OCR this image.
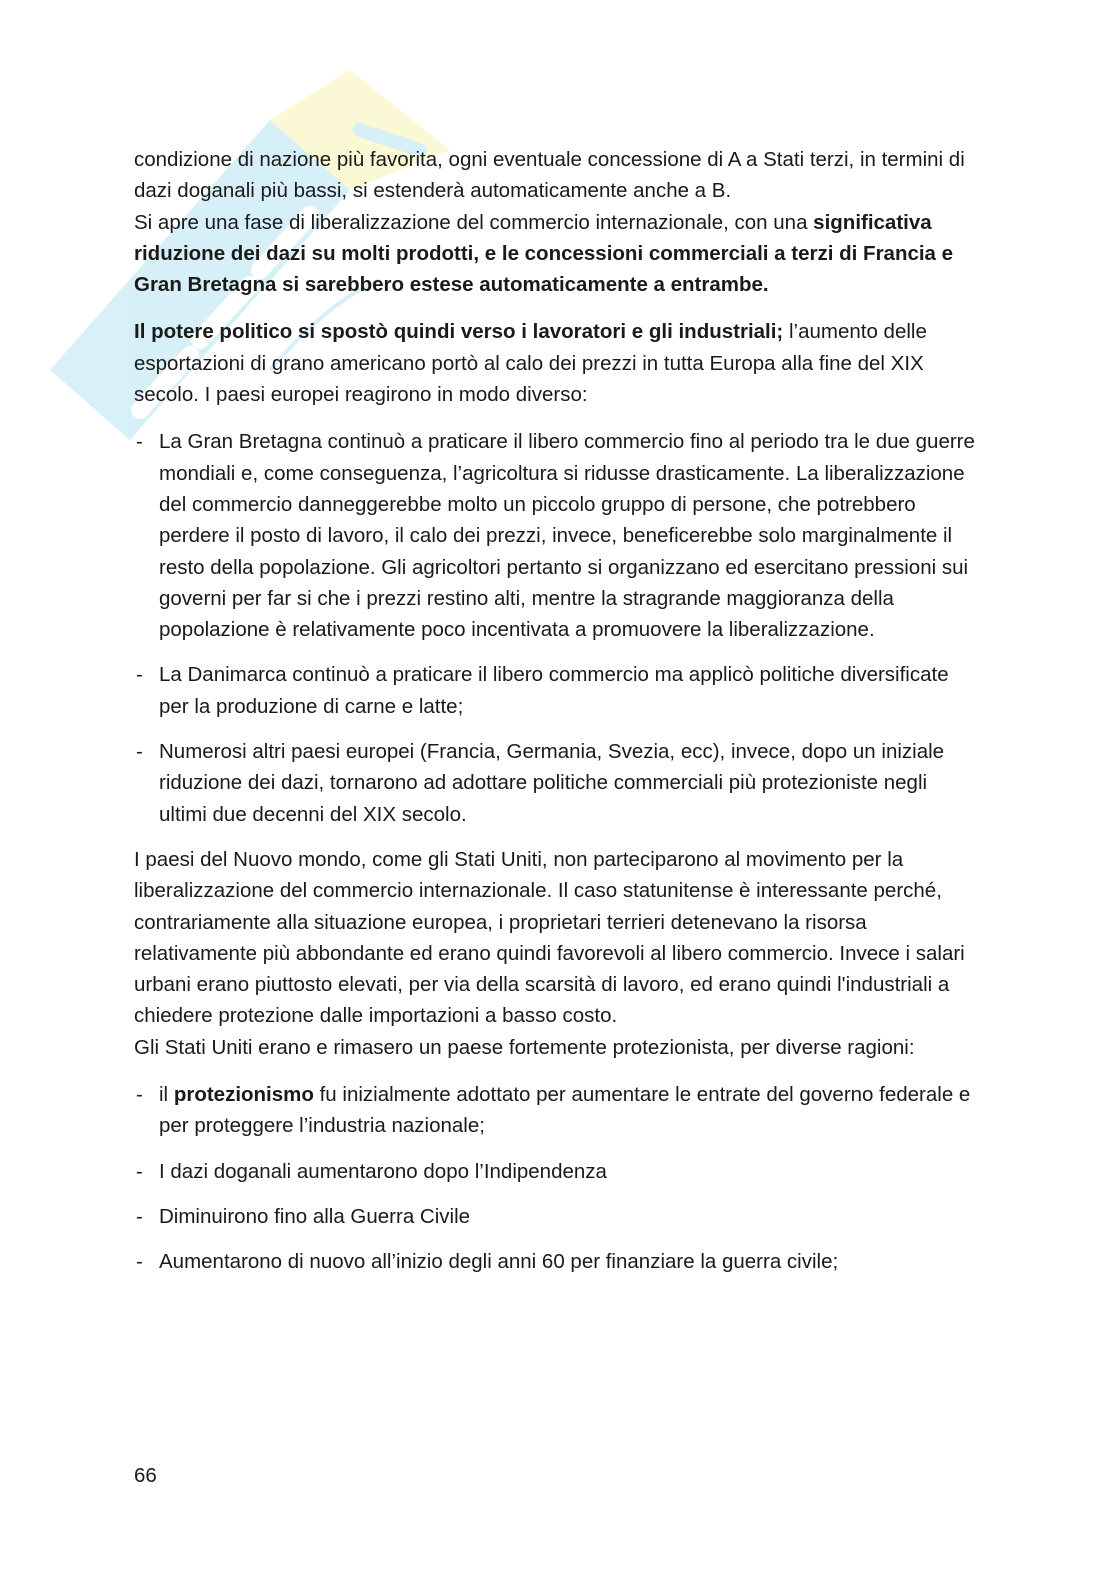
condizione di nazione più favorita, ogni eventuale concessione di A a Stati terzi, in termini di dazi doganali più bassi, si estenderà automaticamente anche a B.

Si apre una fase di liberalizzazione del commercio internazionale, con una significativa riduzione dei dazi su molti prodotti, e le concessioni commerciali a terzi di Francia e Gran Bretagna si sarebbero estese automaticamente a entrambe.

Il potere politico si spostò quindi verso i lavoratori e gli industriali; l’aumento delle esportazioni di grano americano portò al calo dei prezzi in tutta Europa alla fine del XIX secolo. I paesi europei reagirono in modo diverso:

- La Gran Bretagna continuò a praticare il libero commercio fino al periodo tra le due guerre mondiali e, come conseguenza, l’agricoltura si ridusse drasticamente. La liberalizzazione del commercio danneggerebbe molto un piccolo gruppo di persone, che potrebbero perdere il posto di lavoro, il calo dei prezzi, invece, beneficerebbe solo marginalmente il resto della popolazione. Gli agricoltori pertanto si organizzano ed esercitano pressioni sui governi per far si che i prezzi restino alti, mentre la stragrande maggioranza della popolazione è relativamente poco incentivata a promuovere la liberalizzazione.
- La Danimarca continuò a praticare il libero commercio ma applicò politiche diversificate per la produzione di carne e latte;
- Numerosi altri paesi europei (Francia, Germania, Svezia, ecc), invece, dopo un iniziale riduzione dei dazi, tornarono ad adottare politiche commerciali più protezioniste negli ultimi due decenni del XIX secolo.

I paesi del Nuovo mondo, come gli Stati Uniti, non parteciparono al movimento per la liberalizzazione del commercio internazionale. Il caso statunitense è interessante perché, contrariamente alla situazione europea, i proprietari terrieri detenevano la risorsa relativamente più abbondante ed erano quindi favorevoli al libero commercio. Invece i salari urbani erano piuttosto elevati, per via della scarsità di lavoro, ed erano quindi l'industriali a chiedere protezione dalle importazioni a basso costo.

Gli Stati Uniti erano e rimasero un paese fortemente protezionista, per diverse ragioni:

- il protezionismo fu inizialmente adottato per aumentare le entrate del governo federale e per proteggere l’industria nazionale;
- I dazi doganali aumentarono dopo l’Indipendenza
- Diminuirono fino alla Guerra Civile
- Aumentarono di nuovo all’inizio degli anni 60 per finanziare la guerra civile;
66
